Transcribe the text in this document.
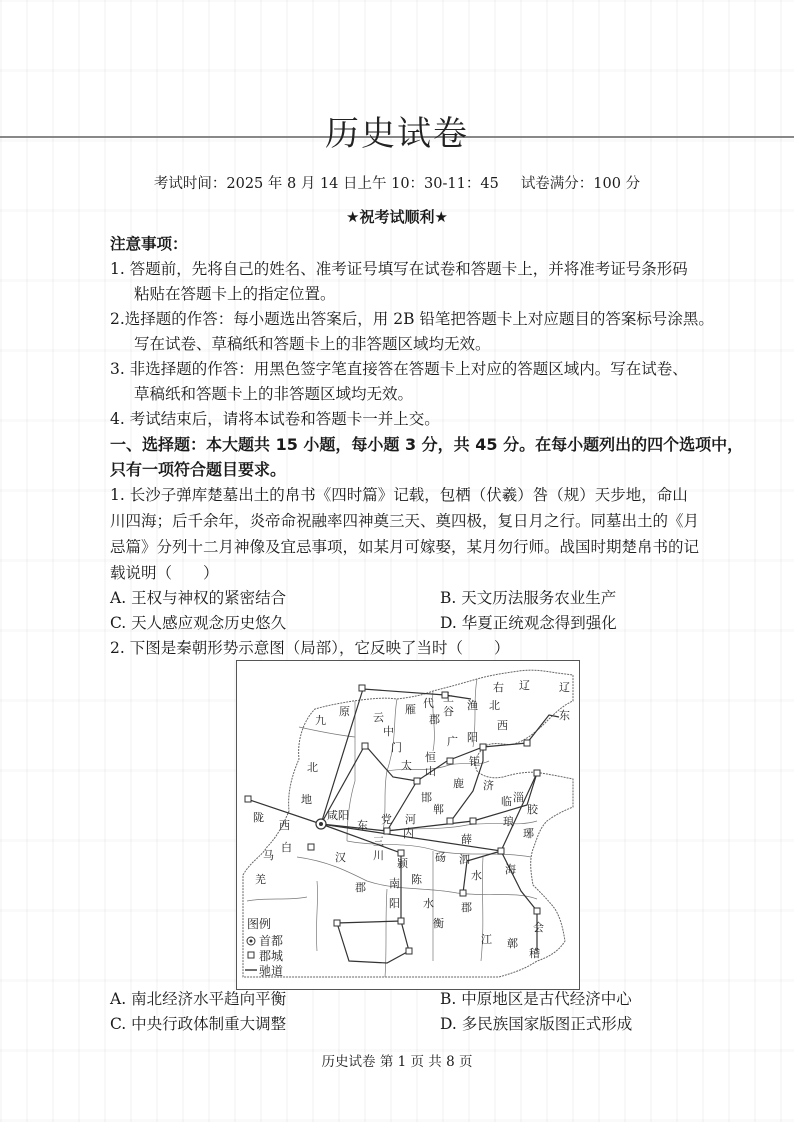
历史试卷
考试时间：2025 年 8 月 14 日上午 10：30-11：45 试卷满分：100 分
★祝考试顺利★
注意事项：
1. 答题前，先将自己的姓名、准考证号填写在试卷和答题卡上，并将准考证号条形码
粘贴在答题卡上的指定位置。
2.选择题的作答：每小题选出答案后，用 2B 铅笔把答题卡上对应题目的答案标号涂黑。
写在试卷、草稿纸和答题卡上的非答题区域均无效。
3. 非选择题的作答：用黑色签字笔直接答在答题卡上对应的答题区域内。写在试卷、
草稿纸和答题卡上的非答题区域均无效。
4. 考试结束后，请将本试卷和答题卡一并上交。
一、选择题：本大题共 15 小题，每小题 3 分，共 45 分。在每小题列出的四个选项中，
只有一项符合题目要求。
1. 长沙子弹库楚墓出土的帛书《四时篇》记载，包栖（伏羲）咎（规）天步地，命山
川四海；后千余年，炎帝命祝融率四神奠三天、奠四极，复日月之行。同墓出土的《月
忌篇》分列十二月神像及宜忌事项，如某月可嫁娶，某月勿行师。战国时期楚帛书的记
载说明（　　）
A. 王权与神权的紧密结合	B. 天文历法服务农业生产
C. 天人感应观念历史悠久	D. 华夏正统观念得到强化
2. 下图是秦朝形势示意图（局部），它反映了当时（　　）
咸阳
九
原 云
中
雁
门
代
郡
上
谷 渔
阳
右
北
辽	辽
西
东
广
太
恒
山
钜
鹿 济
临 淄
胶
琅
琊
邯
郸
河
党
内
东
三
川
颍
陈
砀 泗
薛
水
南
阳
衡
江
会
稽
汉
陇
西
北
地
马
羌
白
鄣
海
郡
水 郡
图例
首都
郡城
驰道
A. 南北经济水平趋向平衡	B. 中原地区是古代经济中心
C. 中央行政体制重大调整	D. 多民族国家版图正式形成
历史试卷 第 1 页 共 8 页
